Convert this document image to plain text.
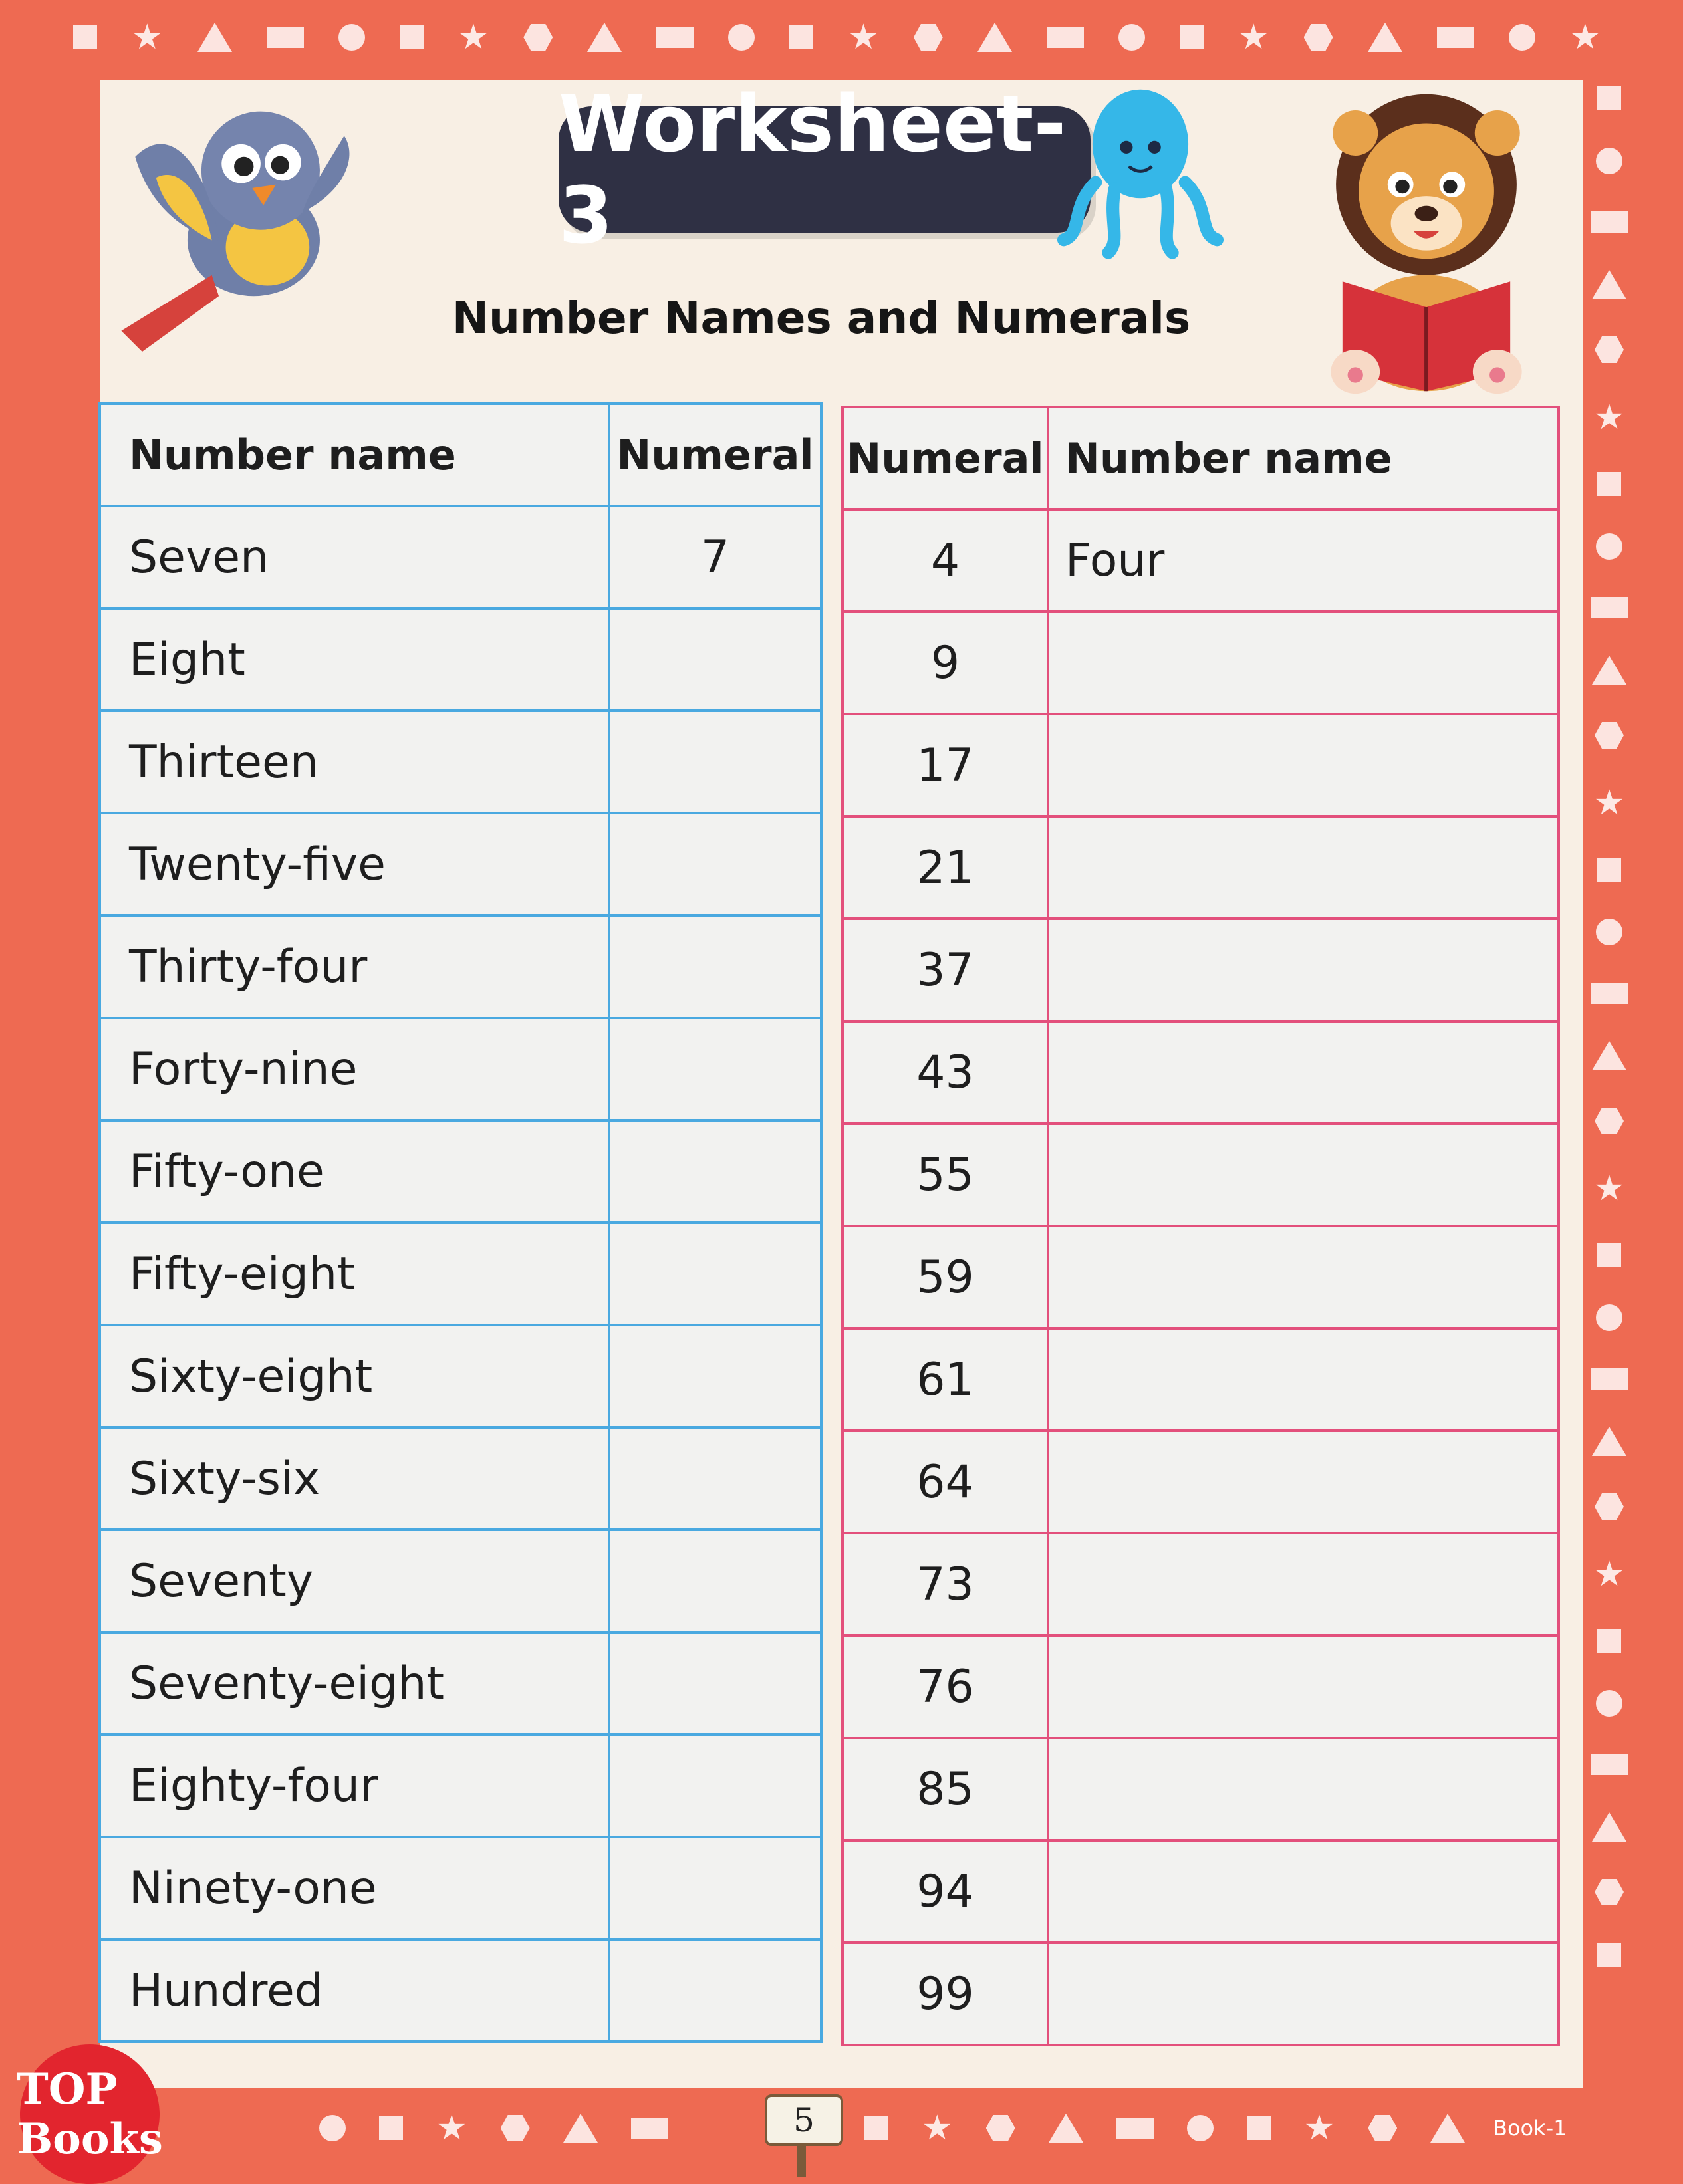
★	★	★	★	★
★
★
★
★
★	★	★
Worksheet-3
Number Names and Numerals
Number name	Numeral
Seven	7
Eight	
Thirteen	
Twenty-five	
Thirty-four	
Forty-nine	
Fifty-one	
Fifty-eight	
Sixty-eight	
Sixty-six	
Seventy	
Seventy-eight	
Eighty-four	
Ninety-one	
Hundred	
Numeral	Number name
4	Four
9	
17	
21	
37	
43	
55	
59	
61	
64	
73	
76	
85	
94	
99	
TOP Books	5	Book-1
